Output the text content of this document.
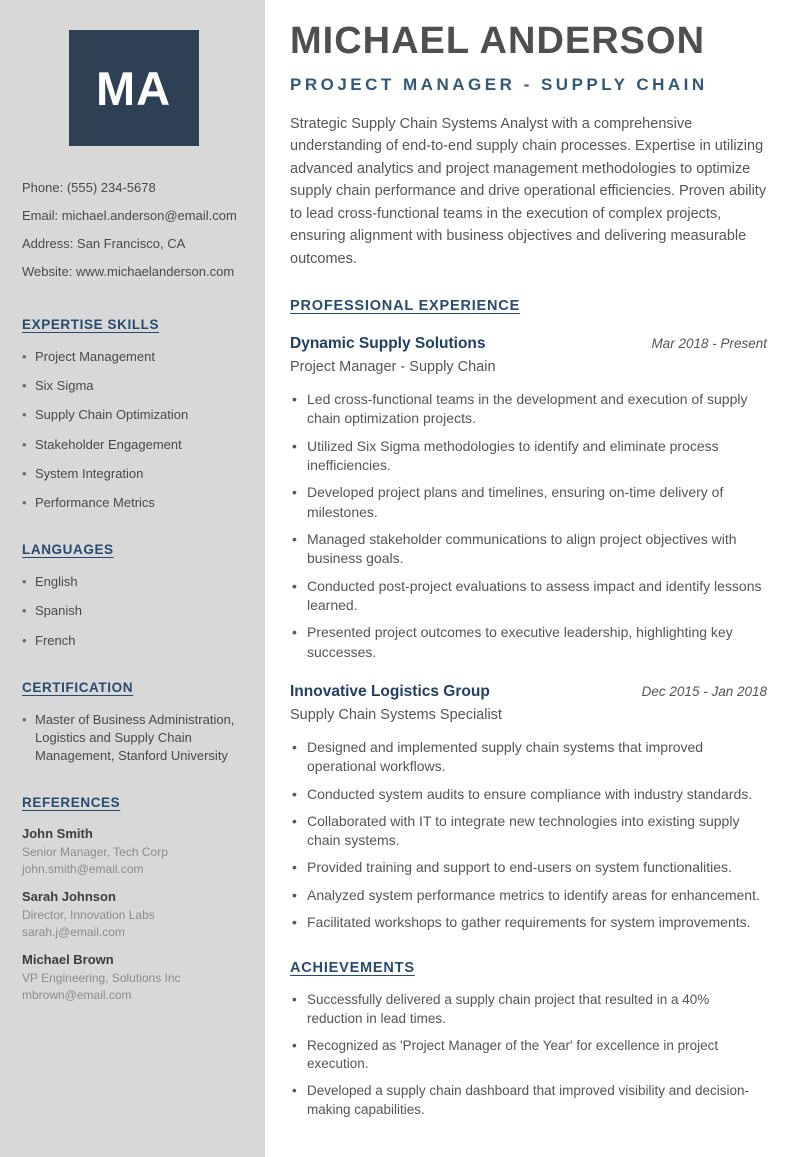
MA

Phone: (555) 234-5678

Email: michael.anderson@email.com

Address: San Francisco, CA

Website: www.michaelanderson.com

EXPERTISE SKILLS
• Project Management
• Six Sigma
• Supply Chain Optimization
• Stakeholder Engagement
• System Integration
• Performance Metrics
LANGUAGES
• English
• Spanish
• French
CERTIFICATION
• Master of Business Administration, Logistics and Supply Chain Management, Stanford University
REFERENCES

John Smith

Senior Manager, Tech Corp

john.smith@email.com

Sarah Johnson

Director, Innovation Labs

sarah.j@email.com

Michael Brown

VP Engineering, Solutions Inc

mbrown@email.com

MICHAEL ANDERSON
PROJECT MANAGER - SUPPLY CHAIN

Strategic Supply Chain Systems Analyst with a comprehensive understanding of end-to-end supply chain processes. Expertise in utilizing advanced analytics and project management methodologies to optimize supply chain performance and drive operational efficiencies. Proven ability to lead cross-functional teams in the execution of complex projects, ensuring alignment with business objectives and delivering measurable outcomes.

PROFESSIONAL EXPERIENCE
Dynamic Supply Solutions	Mar 2018 - Present

Project Manager - Supply Chain

• Led cross-functional teams in the development and execution of supply chain optimization projects.
• Utilized Six Sigma methodologies to identify and eliminate process inefficiencies.
• Developed project plans and timelines, ensuring on-time delivery of milestones.
• Managed stakeholder communications to align project objectives with business goals.
• Conducted post-project evaluations to assess impact and identify lessons learned.
• Presented project outcomes to executive leadership, highlighting key successes.
Innovative Logistics Group	Dec 2015 - Jan 2018

Supply Chain Systems Specialist

• Designed and implemented supply chain systems that improved operational workflows.
• Conducted system audits to ensure compliance with industry standards.
• Collaborated with IT to integrate new technologies into existing supply chain systems.
• Provided training and support to end-users on system functionalities.
• Analyzed system performance metrics to identify areas for enhancement.
• Facilitated workshops to gather requirements for system improvements.
ACHIEVEMENTS
• Successfully delivered a supply chain project that resulted in a 40% reduction in lead times.
• Recognized as 'Project Manager of the Year' for excellence in project execution.
• Developed a supply chain dashboard that improved visibility and decision-making capabilities.
